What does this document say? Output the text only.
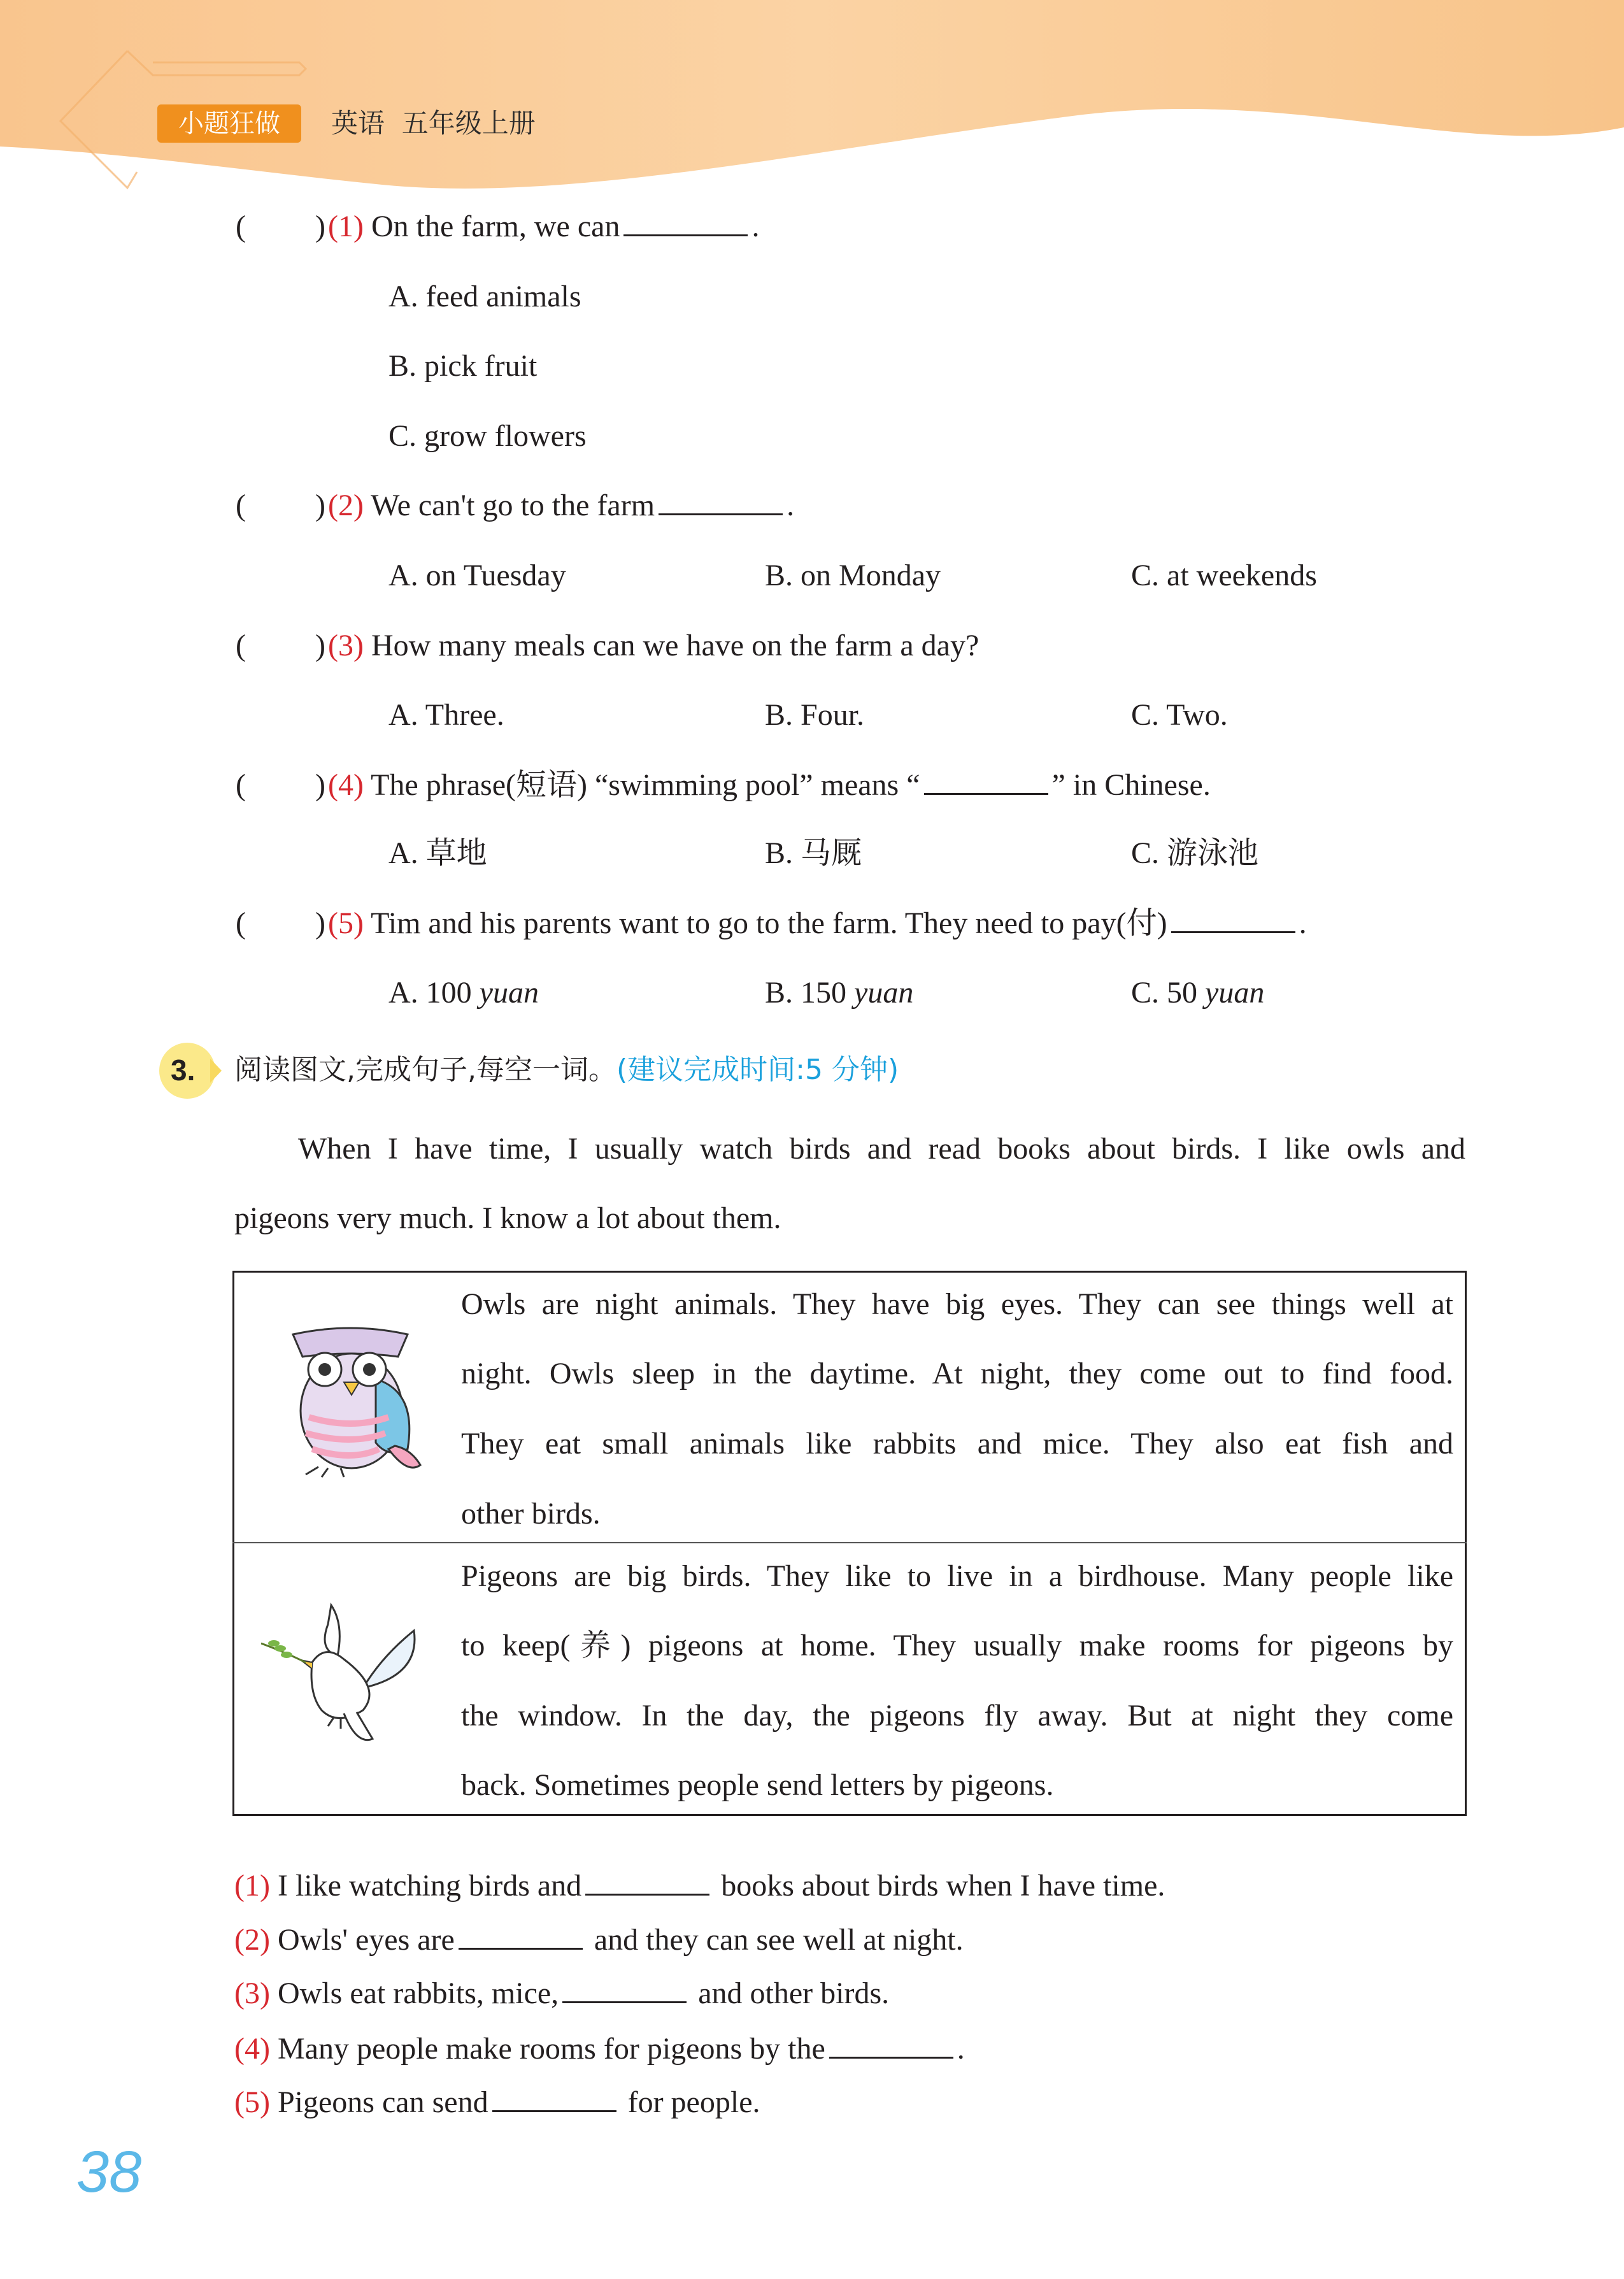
小题狂做	英语  五年级上册
( ) (1) On the farm, we can	.
A. feed animals
B. pick fruit
C. grow flowers
( ) (2) We can't go to the farm	.
A. on Tuesday	B. on Monday	C. at weekends
( ) (3) How many meals can we have on the farm a day?
A. Three.	B. Four.	C. Two.
( ) (4) The phrase(短语) “swimming pool” means “	” in Chinese.
A. 草地	B. 马厩	C. 游泳池
( ) (5) Tim and his parents want to go to the farm. They need to pay(付)	.
A. 100 yuan	B. 150 yuan	C. 50 yuan
3. 阅读图文,完成句子,每空一词。(建议完成时间:5 分钟)
When I have time, I usually watch birds and read books about birds. I like owls and
pigeons very much. I know a lot about them.
Owls are night animals. They have big eyes. They can see things well at
night. Owls sleep in the daytime. At night, they come out to find food.
They eat small animals like rabbits and mice. They also eat fish and
other birds.
Pigeons are big birds. They like to live in a birdhouse. Many people like
to keep(养) pigeons at home. They usually make rooms for pigeons by
the window. In the day, the pigeons fly away. But at night they come
back. Sometimes people send letters by pigeons.
(1) I like watching birds and	books about birds when I have time.
(2) Owls' eyes are	and they can see well at night.
(3) Owls eat rabbits, mice,	and other birds.
(4) Many people make rooms for pigeons by the	.
(5) Pigeons can send	for people.
38
